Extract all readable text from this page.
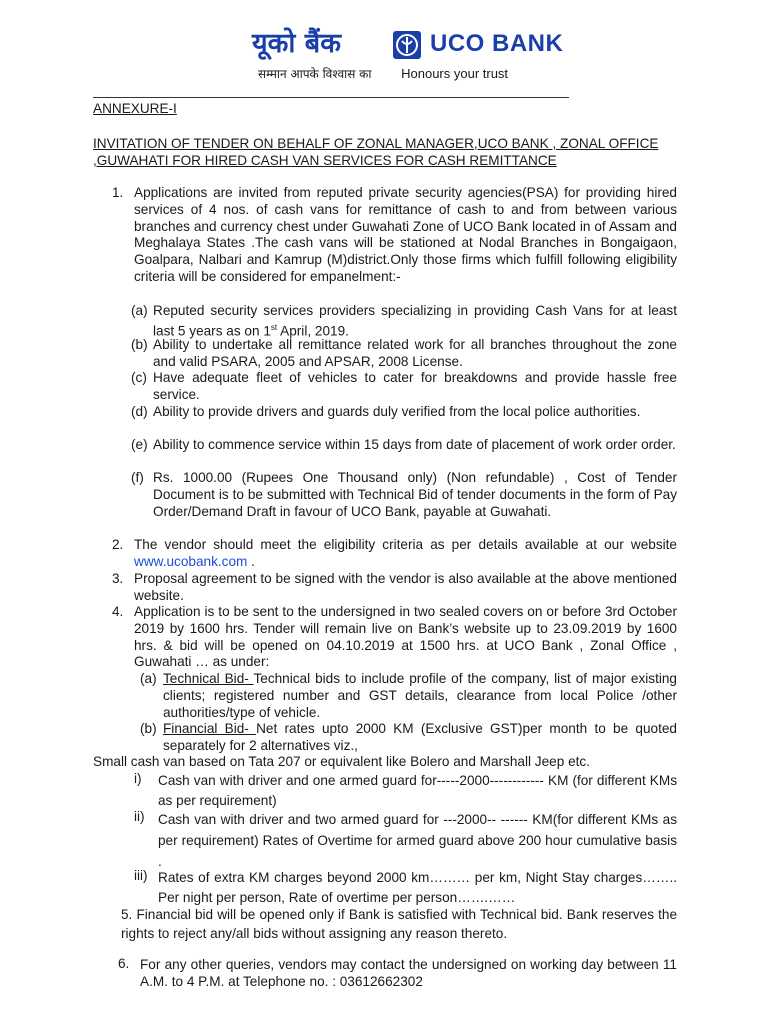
यूको बैंक	UCO BANK
सम्मान आपके विश्वास का Honours your trust
ANNEXURE-I
INVITATION OF TENDER ON BEHALF OF ZONAL MANAGER,UCO BANK , ZONAL OFFICE ,GUWAHATI FOR HIRED CASH VAN SERVICES FOR CASH REMITTANCE
1. Applications are invited from reputed private security agencies(PSA) for providing hired services of 4 nos. of cash vans for remittance of cash to and from between various branches and currency chest under Guwahati Zone of UCO Bank located in of Assam and Meghalaya States .The cash vans will be stationed at Nodal Branches in Bongaigaon, Goalpara, Nalbari and Kamrup (M)district.Only those firms which fulfill following eligibility criteria will be considered for empanelment:-
(a) Reputed security services providers specializing in providing Cash Vans for at least last 5 years as on 1st April, 2019.
(b) Ability to undertake all remittance related work for all branches throughout the zone and valid PSARA, 2005 and APSAR, 2008 License.
(c) Have adequate fleet of vehicles to cater for breakdowns and provide hassle free service.
(d) Ability to provide drivers and guards duly verified from the local police authorities.
(e) Ability to commence service within 15 days from date of placement of work order order.
(f) Rs. 1000.00 (Rupees One Thousand only) (Non refundable) , Cost of Tender Document is to be submitted with Technical Bid of tender documents in the form of Pay Order/Demand Draft in favour of UCO Bank, payable at Guwahati.
2. The vendor should meet the eligibility criteria as per details available at our website www.ucobank.com .
3. Proposal agreement to be signed with the vendor is also available at the above mentioned website.
4. Application is to be sent to the undersigned in two sealed covers on or before 3rd October 2019 by 1600 hrs. Tender will remain live on Bank’s website up to 23.09.2019 by 1600 hrs. & bid will be opened on 04.10.2019 at 1500 hrs. at UCO Bank , Zonal Office , Guwahati … as under:
(a) Technical Bid- Technical bids to include profile of the company, list of major existing clients; registered number and GST details, clearance from local Police /other authorities/type of vehicle.
(b) Financial Bid- Net rates upto 2000 KM (Exclusive GST)per month to be quoted separately for 2 alternatives viz.,
Small cash van based on Tata 207 or equivalent like Bolero and Marshall Jeep etc.
i) Cash van with driver and one armed guard for-----2000------------ KM (for different KMs as per requirement)
ii) Cash van with driver and two armed guard for ---2000-- ------ KM(for different KMs as per requirement) Rates of Overtime for armed guard above 200 hour cumulative basis .
iii) Rates of extra KM charges beyond 2000 km……… per km, Night Stay charges…….. Per night per person, Rate of overtime per person…….……
5. Financial bid will be opened only if Bank is satisfied with Technical bid. Bank reserves the rights to reject any/all bids without assigning any reason thereto.
6. For any other queries, vendors may contact the undersigned on working day between 11 A.M. to 4 P.M. at Telephone no. : 03612662302
